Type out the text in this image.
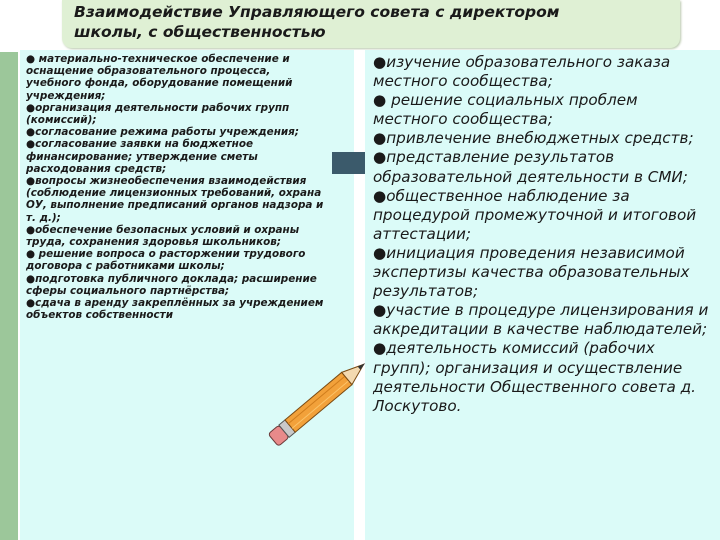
Взаимодействие Управляющего совета с директором
школы, с общественностью

● материально-техническое обеспечение и оснащение образовательного процесса, учебного фонда, оборудование помещений учреждения;
●организация деятельности рабочих групп (комиссий);
●согласование режима работы учреждения;
●согласование заявки на бюджетное финансирование; утверждение сметы расходования средств;
●вопросы жизнеобеспечения взаимодействия (соблюдение лицензионных требований, охрана ОУ, выполнение предписаний органов надзора и т. д.);
●обеспечение безопасных условий и охраны труда, сохранения здоровья школьников;
● решение вопроса о расторжении трудового договора с работниками школы;
●подготовка публичного доклада; расширение сферы социального партнёрства;
●сдача в аренду закреплённых за учреждением объектов собственности
●изучение образовательного заказа местного сообщества;
● решение социальных проблем местного сообщества;
●привлечение внебюджетных средств;
●представление результатов образовательной деятельности в СМИ;
●общественное наблюдение за процедурой промежуточной и итоговой аттестации;
●инициация проведения независимой экспертизы качества образовательных результатов;
●участие в процедуре лицензирования и аккредитации в качестве наблюдателей;
●деятельность комиссий (рабочих групп); организация и осуществление деятельности Общественного совета д. Лоскутово.
